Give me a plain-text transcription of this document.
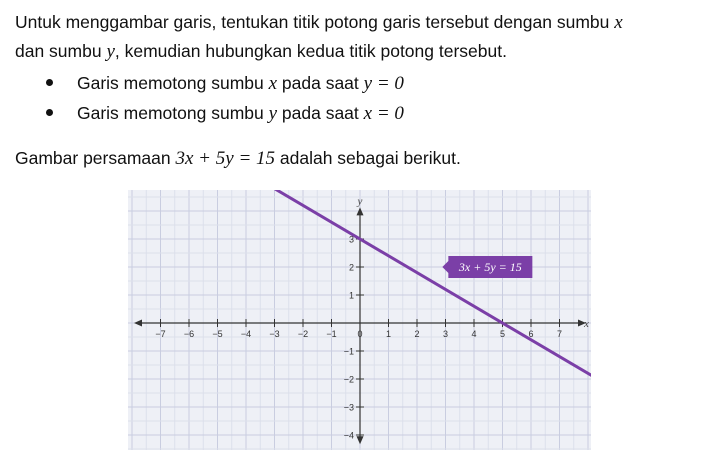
Untuk menggambar garis, tentukan titik potong garis tersebut dengan sumbu x
dan sumbu y, kemudian hubungkan kedua titik potong tersebut.

Garis memotong sumbu x pada saat y = 0
Garis memotong sumbu y pada saat x = 0

Gambar persamaan 3x + 5y = 15 adalah sebagai berikut.

−7 −6 −5 −4 −3 −2 −1 0	1	2	3	4	5	6	7
3
2
1
−1
−2
−3
−4
x
y
3x + 5y = 15
